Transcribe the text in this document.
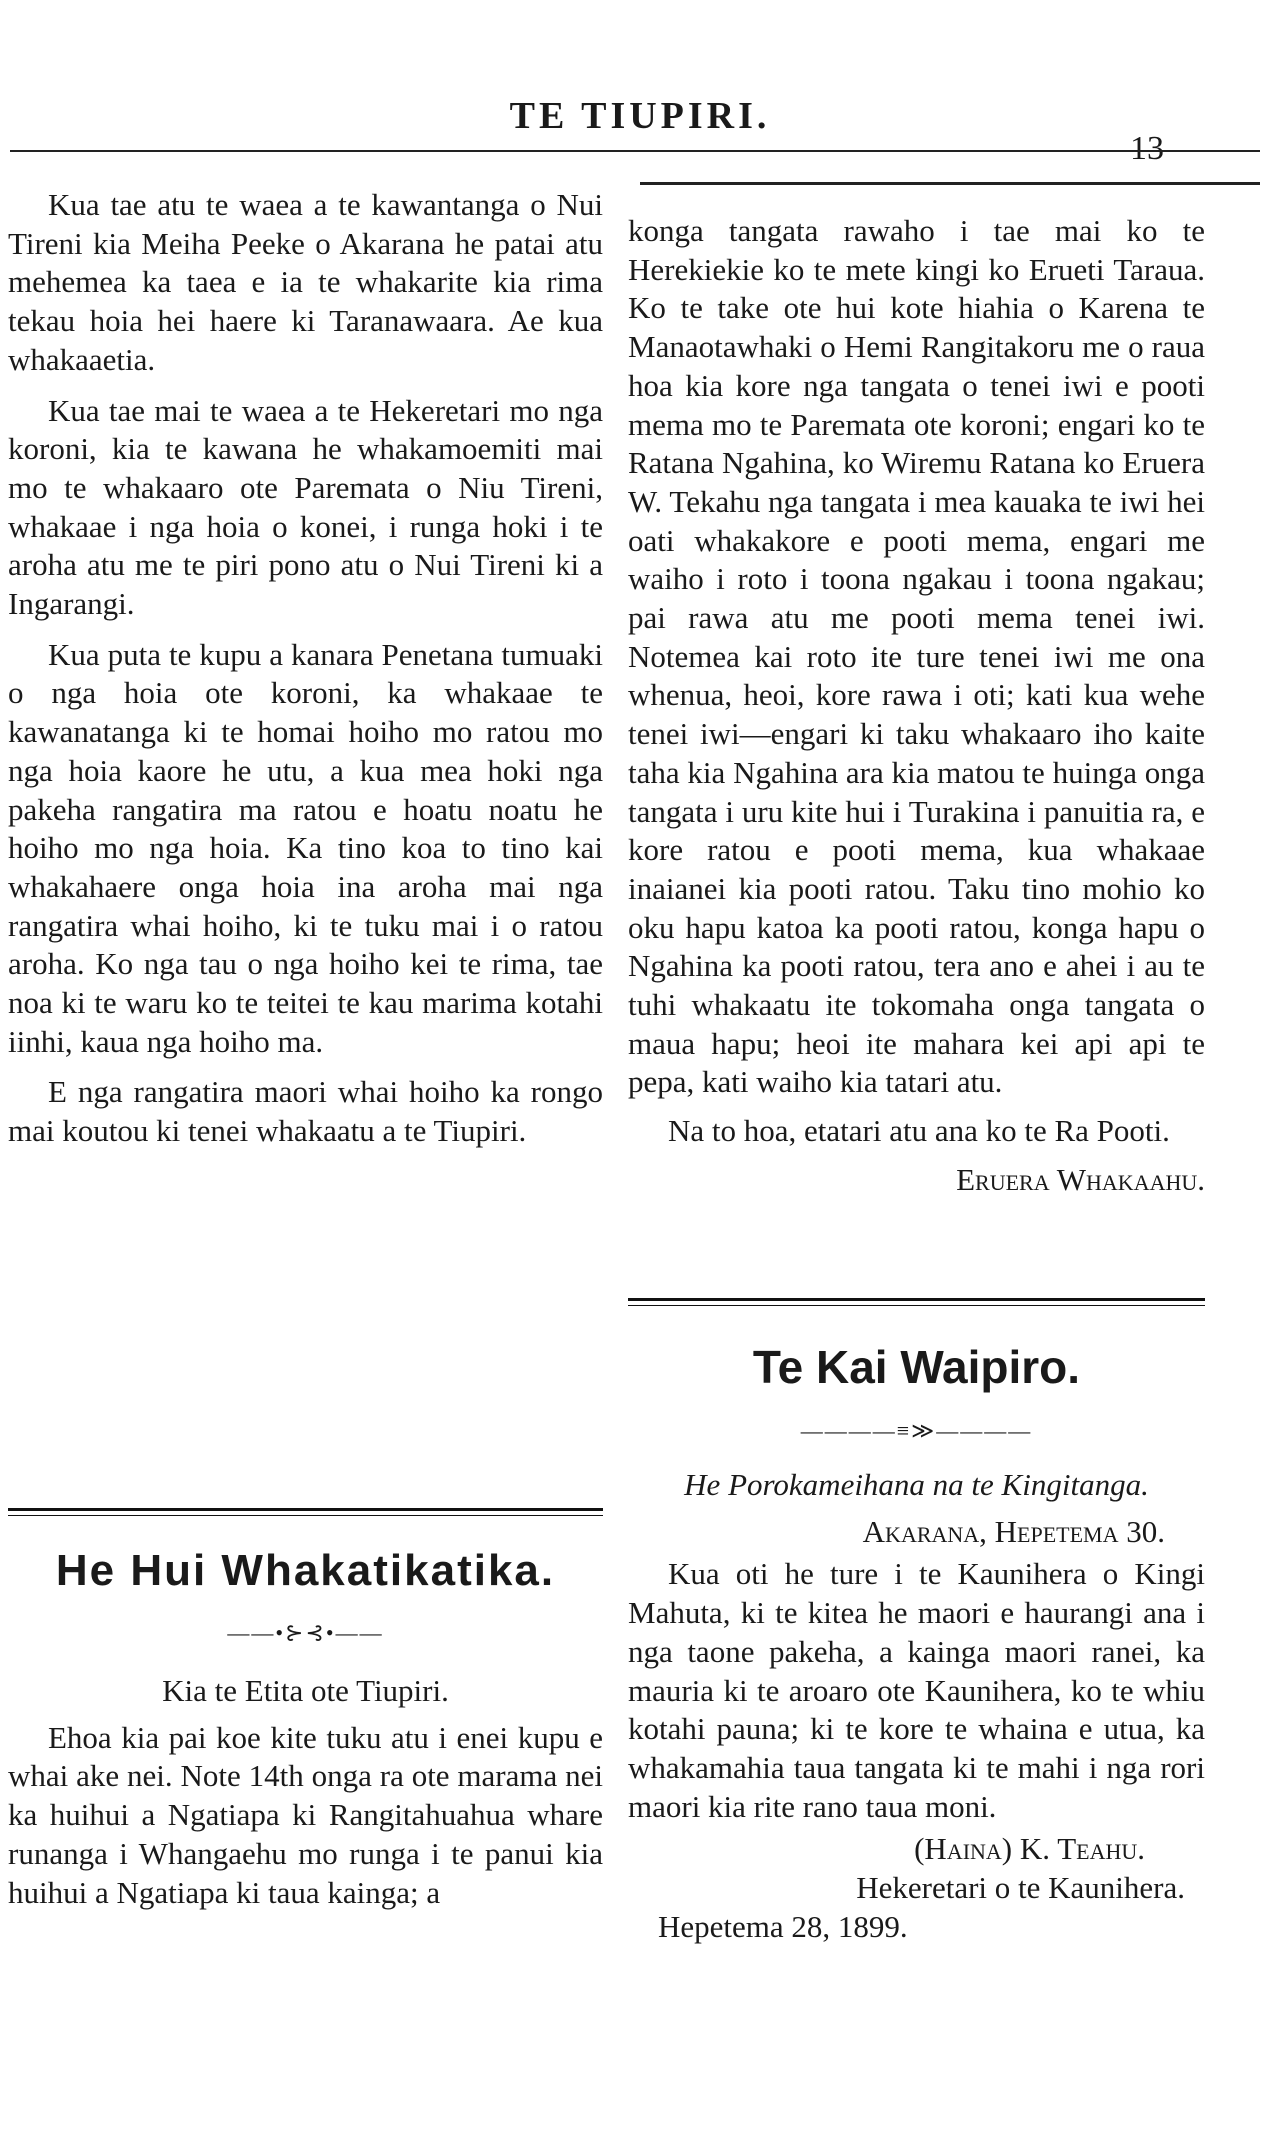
TE TIUPIRI.
13

Kua tae atu te waea a te kawantanga o Nui Tireni kia Meiha Peeke o Akarana he patai atu mehemea ka taea e ia te whakarite kia rima tekau hoia hei haere ki Taranawaara. Ae kua whakaaetia.

Kua tae mai te waea a te Hekeretari mo nga koroni, kia te kawana he whakamoemiti mai mo te whakaaro ote Paremata o Niu Tireni, whakaae i nga hoia o konei, i runga hoki i te aroha atu me te piri pono atu o Nui Tireni ki a Ingarangi.

Kua puta te kupu a kanara Penetana tumuaki o nga hoia ote koroni, ka whakaae te kawanatanga ki te homai hoiho mo ratou mo nga hoia kaore he utu, a kua mea hoki nga pakeha rangatira ma ratou e hoatu noatu he hoiho mo nga hoia. Ka tino koa to tino kai whakahaere onga hoia ina aroha mai nga rangatira whai hoiho, ki te tuku mai i o ratou aroha. Ko nga tau o nga hoiho kei te rima, tae noa ki te waru ko te teitei te kau marima kotahi iinhi, kaua nga hoiho ma.

E nga rangatira maori whai hoiho ka rongo mai koutou ki tenei whakaatu a te Tiupiri.

He Hui Whakatikatika.
——•⊱⊰•——

Kia te Etita ote Tiupiri.

Ehoa kia pai koe kite tuku atu i enei kupu e whai ake nei. Note 14th onga ra ote marama nei ka huihui a Ngatiapa ki Rangitahuahua whare runanga i Whangaehu mo runga i te panui kia huihui a Ngatiapa ki taua kainga; a

konga tangata rawaho i tae mai ko te Herekiekie ko te mete kingi ko Erueti Taraua. Ko te take ote hui kote hiahia o Karena te Manaotawhaki o Hemi Rangitakoru me o raua hoa kia kore nga tangata o tenei iwi e pooti mema mo te Paremata ote koroni; engari ko te Ratana Ngahina, ko Wiremu Ratana ko Eruera W. Tekahu nga tangata i mea kauaka te iwi hei oati whakakore e pooti mema, engari me waiho i roto i toona ngakau i toona ngakau; pai rawa atu me pooti mema tenei iwi. Notemea kai roto ite ture tenei iwi me ona whenua, heoi, kore rawa i oti; kati kua wehe tenei iwi—engari ki taku whakaaro iho kaite taha kia Ngahina ara kia matou te huinga onga tangata i uru kite hui i Turakina i panuitia ra, e kore ratou e pooti mema, kua whakaae inaianei kia pooti ratou. Taku tino mohio ko oku hapu katoa ka pooti ratou, konga hapu o Ngahina ka pooti ratou, tera ano e ahei i au te tuhi whakaatu ite tokomaha onga tangata o maua hapu; heoi ite mahara kei api api te pepa, kati waiho kia tatari atu.

Na to hoa, etatari atu ana ko te Ra Pooti.

Eruera Whakaahu.

Te Kai Waipiro.
————≡≫————

He Porokameihana na te Kingitanga.

Akarana, Hepetema 30.

Kua oti he ture i te Kaunihera o Kingi Mahuta, ki te kitea he maori e haurangi ana i nga taone pakeha, a kainga maori ranei, ka mauria ki te aroaro ote Kaunihera, ko te whiu kotahi pauna; ki te kore te whaina e utua, ka whakamahia taua tangata ki te mahi i nga rori maori kia rite rano taua moni.

(Haina) K. Teahu.

Hekeretari o te Kaunihera.

Hepetema 28, 1899.
